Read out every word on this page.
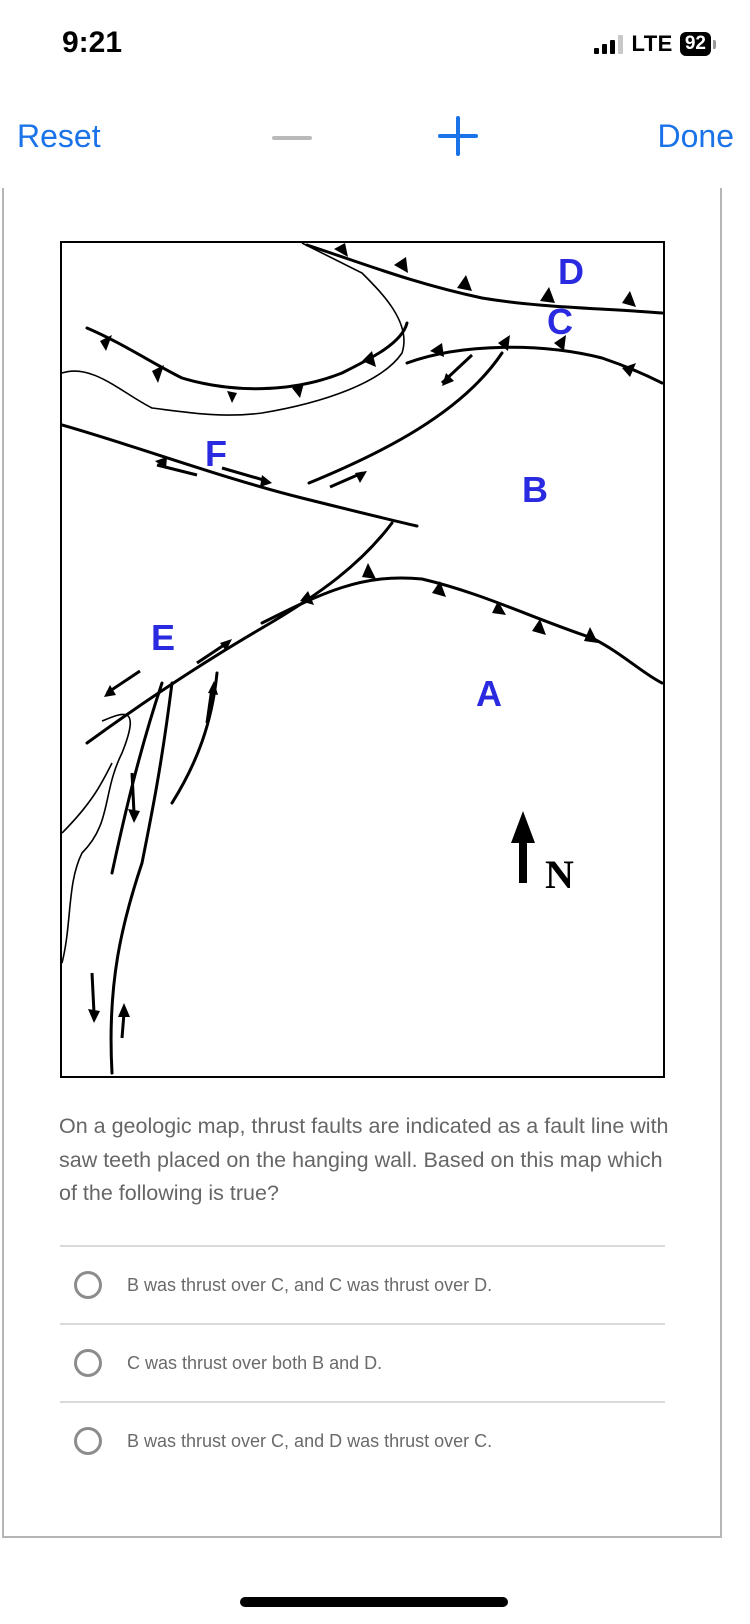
9:21	LTE 92
Reset	Done
D
C
B
F
E
A
N
On a geologic map, thrust faults are indicated as a fault line with saw teeth placed on the hanging wall. Based on this map which of the following is true?
B was thrust over C, and C was thrust over D.
C was thrust over both B and D.
B was thrust over C, and D was thrust over C.
